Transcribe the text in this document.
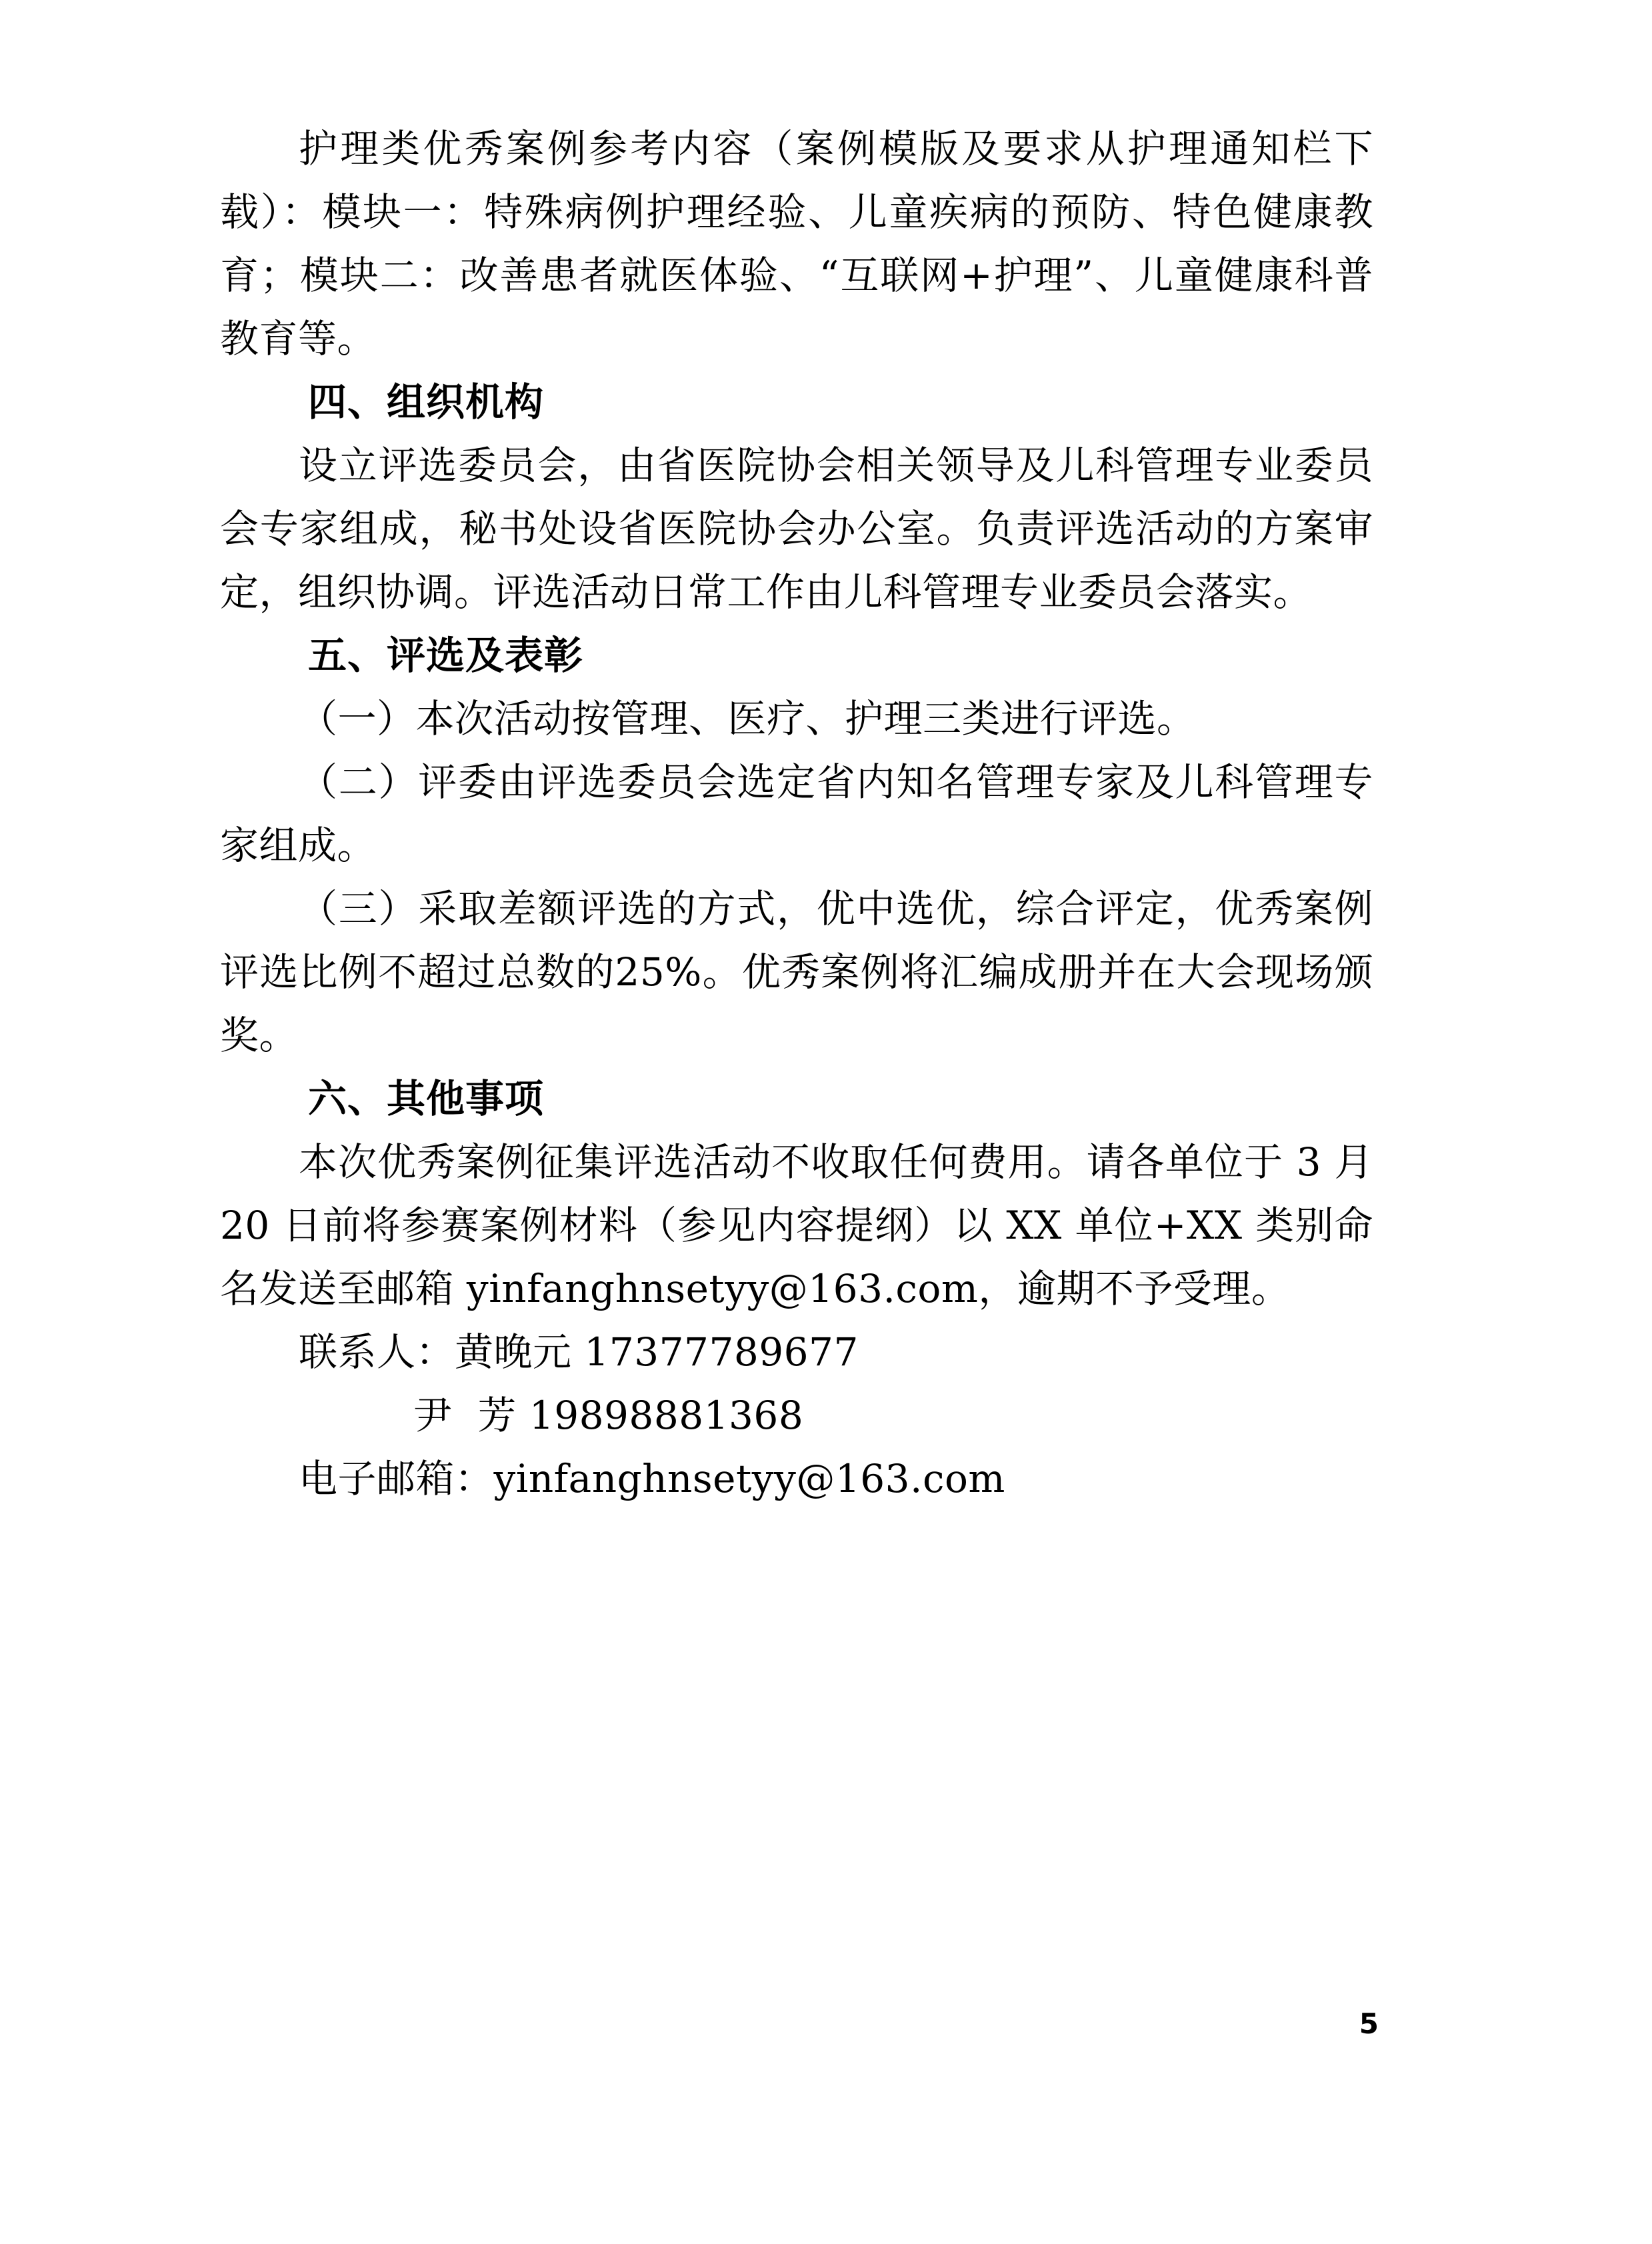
护理类优秀案例参考内容（案例模版及要求从护理通知栏下载）：模块一：特殊病例护理经验、儿童疾病的预防、特色健康教育；模块二：改善患者就医体验、“互联网+护理”、儿童健康科普教育等。

四、组织机构

设立评选委员会，由省医院协会相关领导及儿科管理专业委员会专家组成，秘书处设省医院协会办公室。负责评选活动的方案审定，组织协调。评选活动日常工作由儿科管理专业委员会落实。

五、评选及表彰

（一）本次活动按管理、医疗、护理三类进行评选。

（二）评委由评选委员会选定省内知名管理专家及儿科管理专家组成。

（三）采取差额评选的方式，优中选优，综合评定，优秀案例评选比例不超过总数的25%。优秀案例将汇编成册并在大会现场颁奖。

六、其他事项

本次优秀案例征集评选活动不收取任何费用。请各单位于 3 月 20 日前将参赛案例材料（参见内容提纲）以 XX 单位+XX 类别命名发送至邮箱 yinfanghnsetyy@163.com，逾期不予受理。

联系人：黄晚元 17377789677
尹  芳 19898881368
电子邮箱：yinfanghnsetyy@163.com
5
